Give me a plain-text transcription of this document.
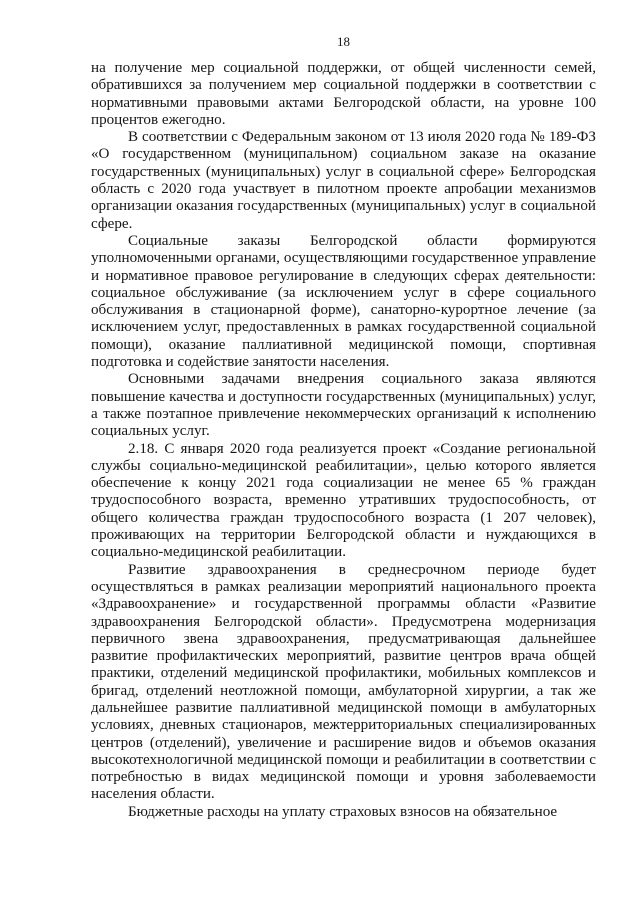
18

на получение мер социальной поддержки, от общей численности семей, обратившихся за получением мер социальной поддержки в соответствии с нормативными правовыми актами Белгородской области, на уровне 100 процентов ежегодно.

В соответствии с Федеральным законом от 13 июля 2020 года № 189-ФЗ «О государственном (муниципальном) социальном заказе на оказание государственных (муниципальных) услуг в социальной сфере» Белгородская область с 2020 года участвует в пилотном проекте апробации механизмов организации оказания государственных (муниципальных) услуг в социальной сфере.

Социальные заказы Белгородской области формируются уполномоченными органами, осуществляющими государственное управление и нормативное правовое регулирование в следующих сферах деятельности: социальное обслуживание (за исключением услуг в сфере социального обслуживания в стационарной форме), санаторно-курортное лечение (за исключением услуг, предоставленных в рамках государственной социальной помощи), оказание паллиативной медицинской помощи, спортивная подготовка и содействие занятости населения.

Основными задачами внедрения социального заказа являются повышение качества и доступности государственных (муниципальных) услуг, а также поэтапное привлечение некоммерческих организаций к исполнению социальных услуг.

2.18. С января 2020 года реализуется проект «Создание региональной службы социально-медицинской реабилитации», целью которого является обеспечение к концу 2021 года социализации не менее 65 % граждан трудоспособного возраста, временно утративших трудоспособность, от общего количества граждан трудоспособного возраста (1 207 человек), проживающих на территории Белгородской области и нуждающихся в социально-медицинской реабилитации.

Развитие здравоохранения в среднесрочном периоде будет осуществляться в рамках реализации мероприятий национального проекта «Здравоохранение» и государственной программы области «Развитие здравоохранения Белгородской области». Предусмотрена модернизация первичного звена здравоохранения, предусматривающая дальнейшее развитие профилактических мероприятий, развитие центров врача общей практики, отделений медицинской профилактики, мобильных комплексов и бригад, отделений неотложной помощи, амбулаторной хирургии, а так же дальнейшее развитие паллиативной медицинской помощи в амбулаторных условиях, дневных стационаров, межтерриториальных специализированных центров (отделений), увеличение и расширение видов и объемов оказания высокотехнологичной медицинской помощи и реабилитации в соответствии с потребностью в видах медицинской помощи и уровня заболеваемости населения области.

Бюджетные расходы на уплату страховых взносов на обязательное
